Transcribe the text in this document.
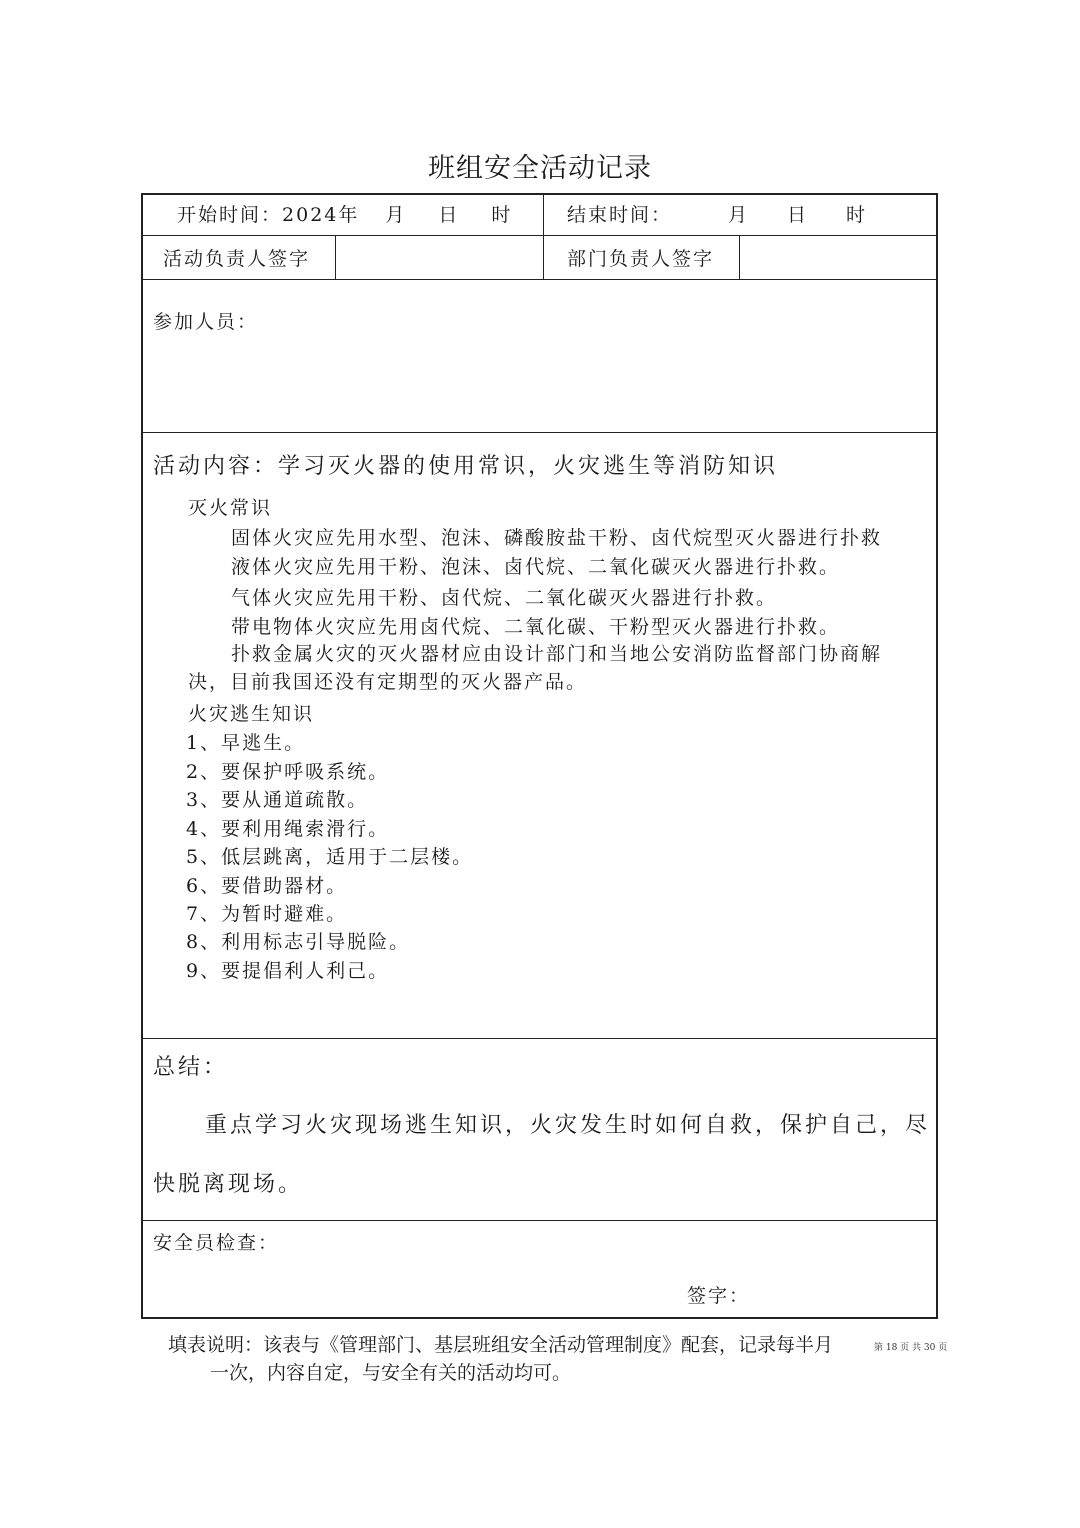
班组安全活动记录
开始时间：2024年 月 日 时	结束时间：	月 日 时
活动负责人签字	部门负责人签字
参加人员：
活动内容：学习灭火器的使用常识，火灾逃生等消防知识
灭火常识
固体火灾应先用水型、泡沫、磷酸胺盐干粉、卤代烷型灭火器进行扑救
液体火灾应先用干粉、泡沫、卤代烷、二氧化碳灭火器进行扑救。
气体火灾应先用干粉、卤代烷、二氧化碳灭火器进行扑救。
带电物体火灾应先用卤代烷、二氧化碳、干粉型灭火器进行扑救。
扑救金属火灾的灭火器材应由设计部门和当地公安消防监督部门协商解
决，目前我国还没有定期型的灭火器产品。
火灾逃生知识
1、早逃生。
2、要保护呼吸系统。
3、要从通道疏散。
4、要利用绳索滑行。
5、低层跳离，适用于二层楼。
6、要借助器材。
7、为暂时避难。
8、利用标志引导脱险。
9、要提倡利人利己。
总结：
重点学习火灾现场逃生知识，火灾发生时如何自救，保护自己，尽
快脱离现场。
安全员检查：
签字：
填表说明：该表与《管理部门、基层班组安全活动管理制度》配套，记录每半月	第 18 页 共 30 页
一次，内容自定，与安全有关的活动均可。
